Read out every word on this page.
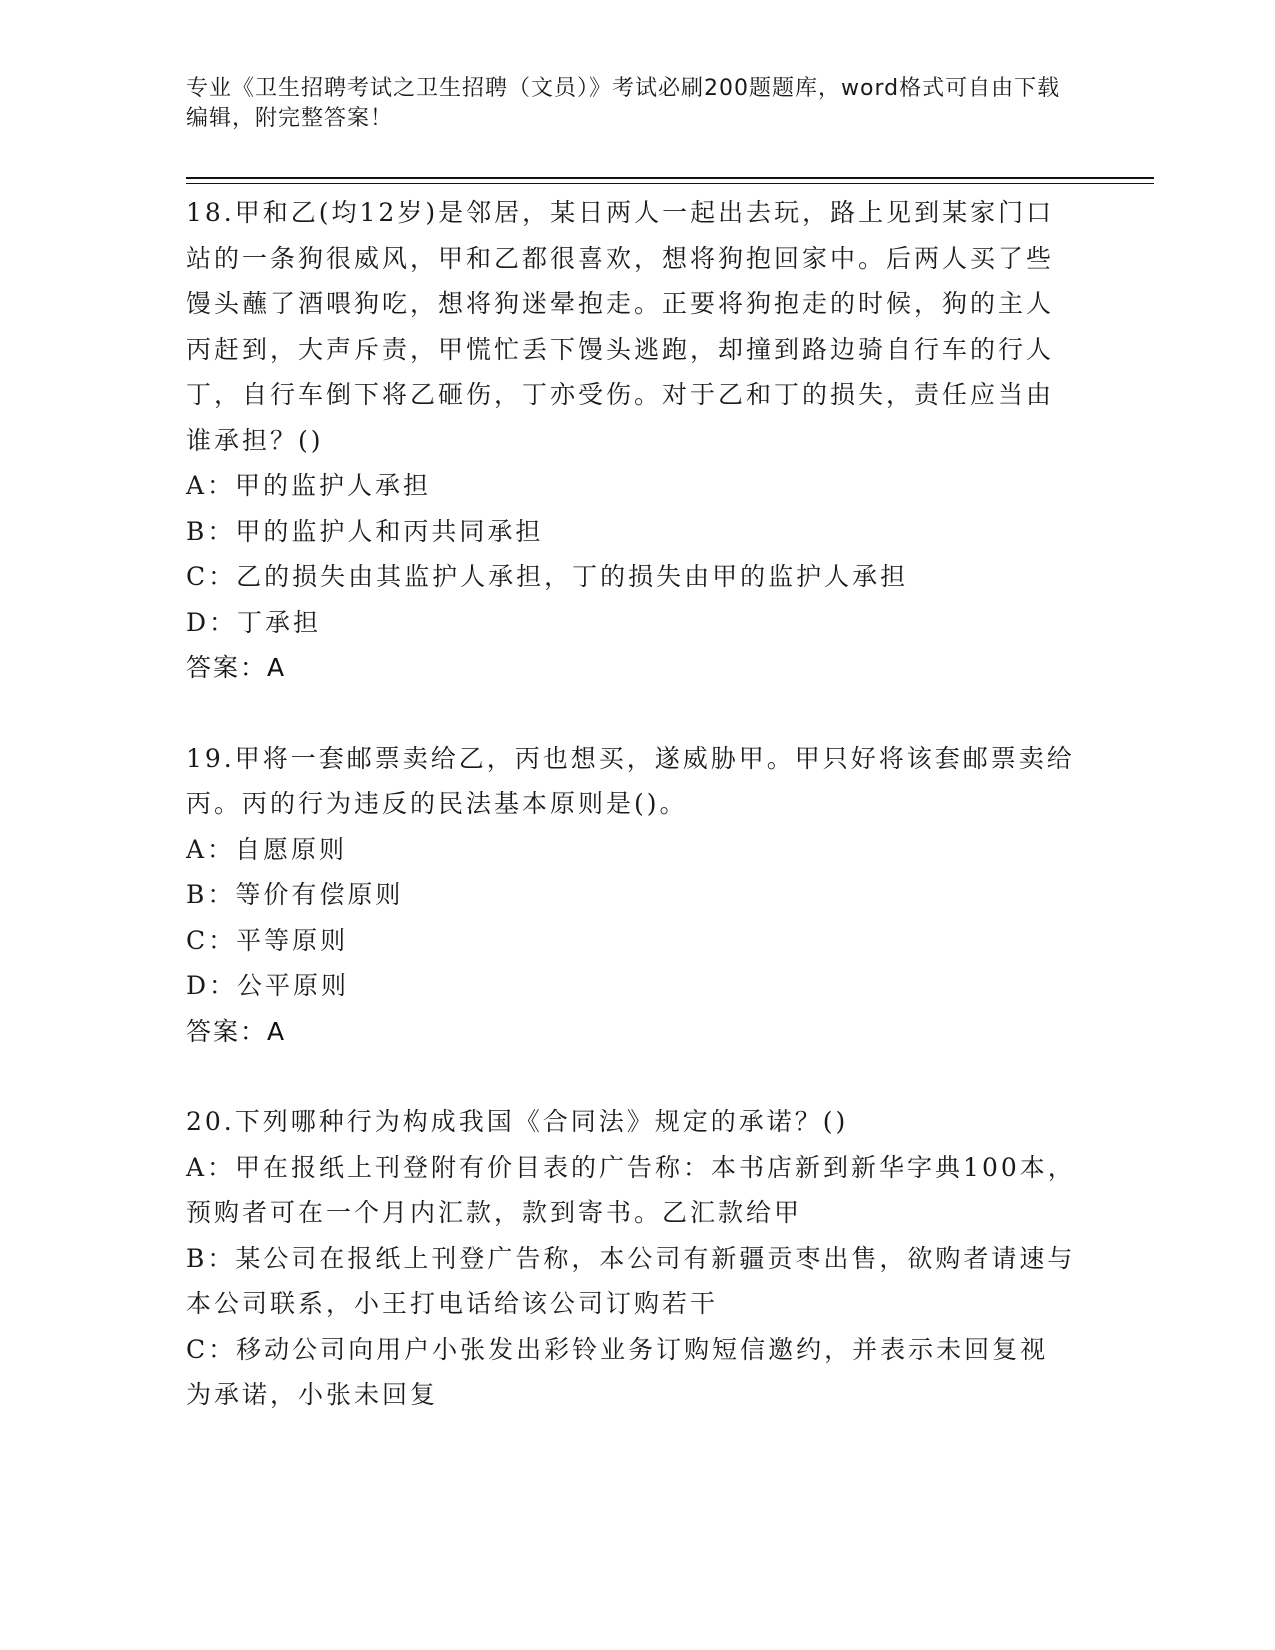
专业《卫生招聘考试之卫生招聘（文员）》考试必刷200题题库，word格式可自由下载编辑，附完整答案！
18.甲和乙(均12岁)是邻居，某日两人一起出去玩，路上见到某家门口站的一条狗很威风，甲和乙都很喜欢，想将狗抱回家中。后两人买了些馒头蘸了酒喂狗吃，想将狗迷晕抱走。正要将狗抱走的时候，狗的主人丙赶到，大声斥责，甲慌忙丢下馒头逃跑，却撞到路边骑自行车的行人丁，自行车倒下将乙砸伤，丁亦受伤。对于乙和丁的损失，责任应当由谁承担？()
A：甲的监护人承担
B：甲的监护人和丙共同承担
C：乙的损失由其监护人承担，丁的损失由甲的监护人承担
D：丁承担
答案：A
19.甲将一套邮票卖给乙，丙也想买，遂威胁甲。甲只好将该套邮票卖给丙。丙的行为违反的民法基本原则是()。
A：自愿原则
B：等价有偿原则
C：平等原则
D：公平原则
答案：A
20.下列哪种行为构成我国《合同法》规定的承诺？()
A：甲在报纸上刊登附有价目表的广告称：本书店新到新华字典100本，预购者可在一个月内汇款，款到寄书。乙汇款给甲
B：某公司在报纸上刊登广告称，本公司有新疆贡枣出售，欲购者请速与本公司联系，小王打电话给该公司订购若干
C：移动公司向用户小张发出彩铃业务订购短信邀约，并表示未回复视为承诺，小张未回复
